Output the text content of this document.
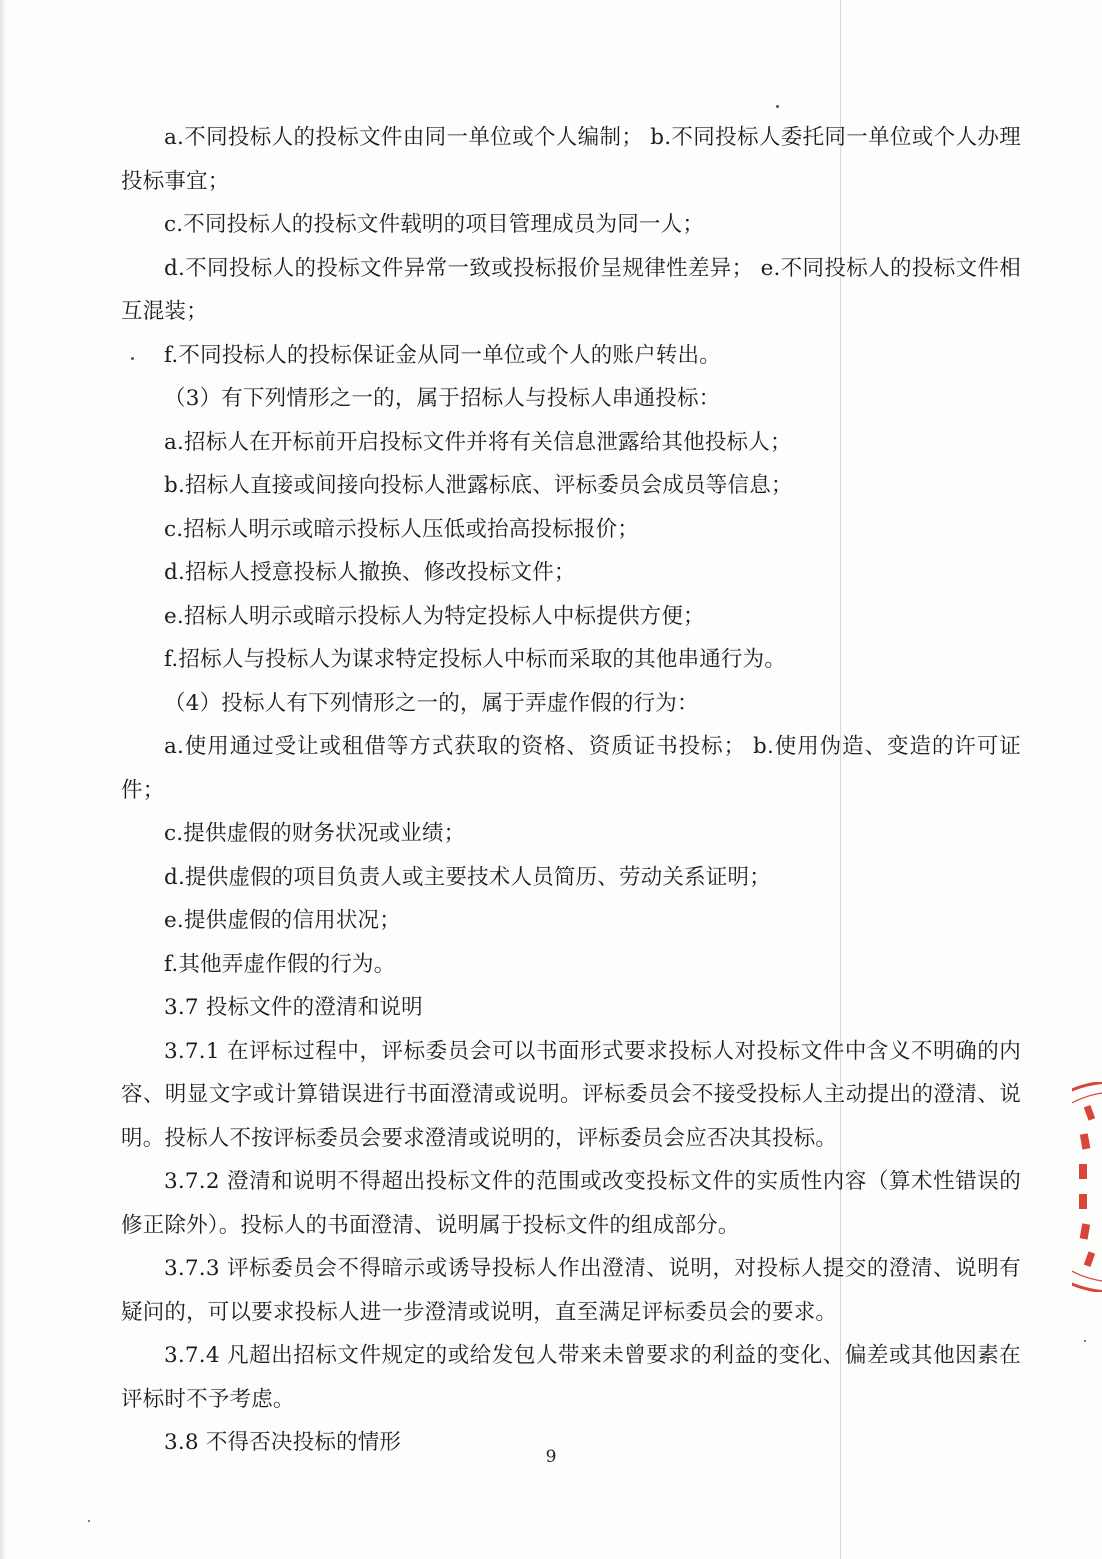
a.不同投标人的投标文件由同一单位或个人编制； b.不同投标人委托同一单位或个人办理投标事宜；

c.不同投标人的投标文件载明的项目管理成员为同一人；

d.不同投标人的投标文件异常一致或投标报价呈规律性差异； e.不同投标人的投标文件相互混装；

f.不同投标人的投标保证金从同一单位或个人的账户转出。

（3）有下列情形之一的，属于招标人与投标人串通投标：

a.招标人在开标前开启投标文件并将有关信息泄露给其他投标人；

b.招标人直接或间接向投标人泄露标底、评标委员会成员等信息；

c.招标人明示或暗示投标人压低或抬高投标报价；

d.招标人授意投标人撤换、修改投标文件；

e.招标人明示或暗示投标人为特定投标人中标提供方便；

f.招标人与投标人为谋求特定投标人中标而采取的其他串通行为。

（4）投标人有下列情形之一的，属于弄虚作假的行为：

a.使用通过受让或租借等方式获取的资格、资质证书投标； b.使用伪造、变造的许可证件；

c.提供虚假的财务状况或业绩；

d.提供虚假的项目负责人或主要技术人员简历、劳动关系证明；

e.提供虚假的信用状况；

f.其他弄虚作假的行为。

3.7 投标文件的澄清和说明

3.7.1 在评标过程中，评标委员会可以书面形式要求投标人对投标文件中含义不明确的内容、明显文字或计算错误进行书面澄清或说明。评标委员会不接受投标人主动提出的澄清、说明。投标人不按评标委员会要求澄清或说明的，评标委员会应否决其投标。

3.7.2 澄清和说明不得超出投标文件的范围或改变投标文件的实质性内容（算术性错误的修正除外）。投标人的书面澄清、说明属于投标文件的组成部分。

3.7.3 评标委员会不得暗示或诱导投标人作出澄清、说明，对投标人提交的澄清、说明有疑问的，可以要求投标人进一步澄清或说明，直至满足评标委员会的要求。

3.7.4 凡超出招标文件规定的或给发包人带来未曾要求的利益的变化、偏差或其他因素在评标时不予考虑。

3.8 不得否决投标的情形

9
